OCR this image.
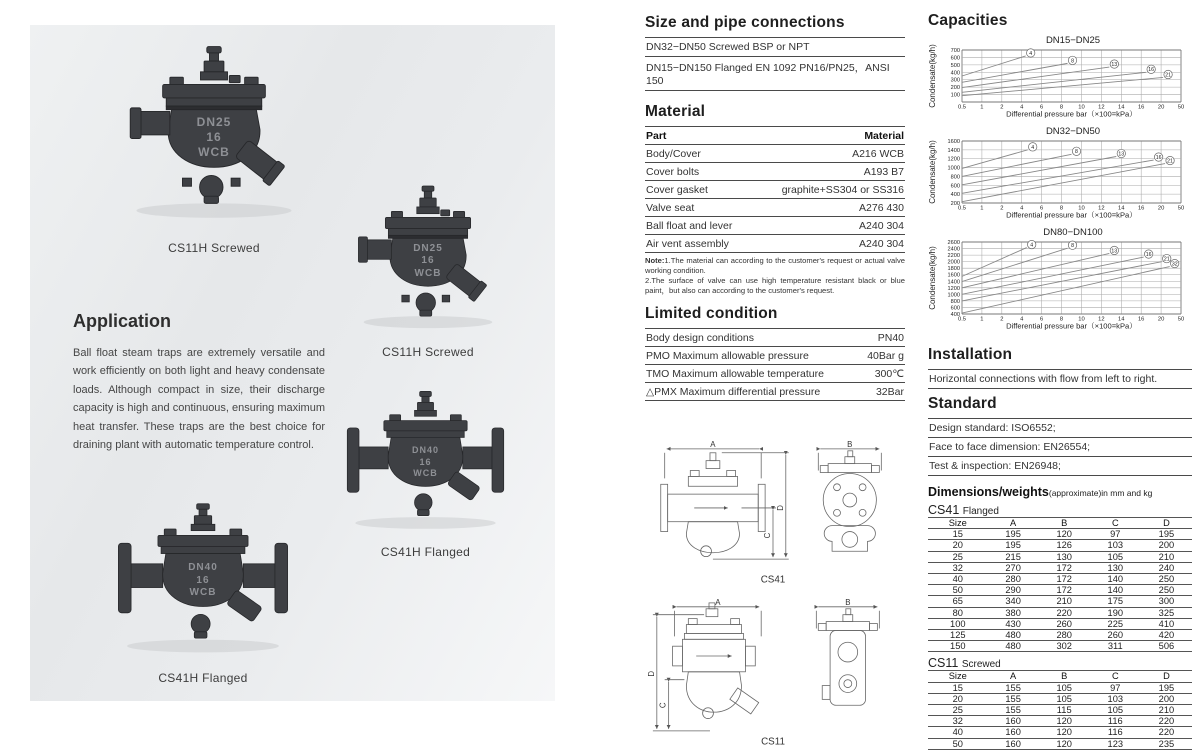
DN25
16
WCB
CS11H Screwed	DN25
16
WCB
CS11H Screwed
DN40
16
WCB
CS41H Flanged
DN40
16
WCB
CS41H Flanged
Application

Ball float steam traps are extremely versatile and work efficiently on both light and heavy condensate loads. Although compact in size, their discharge capacity is high and continuous, ensuring maximum heat transfer. These traps are the best choice for draining plant with automatic temperature control.

Size and pipe connections
DN32−DN50 Screwed BSP or NPT
DN15−DN150 Flanged EN 1092 PN16/PN25，ANSI 150
Material
Part	Material
Body/Cover	A216 WCB
Cover bolts	A193 B7
Cover gasket	graphite+SS304 or SS316
Valve seat	A276 430
Ball float and lever	A240 304
Air vent assembly	A240 304
Note:1.The material can according to the customer's request or actual valve working condition.
2.The surface of valve can use high temperature resistant black or blue paint，but also can according to the customer's request.
Limited condition
Body design conditions	PN40
PMO Maximum allowable pressure	40Bar g
TMO Maximum allowable temperature	300℃
△PMX Maximum differential pressure	32Bar
A	B
C
D
CS41
A	B
C
D
CS11
Capacities
DN15−DN25
0.5 1	2	4	6	8	10 12 14 16 20 50
100
200
300
400
500
600
700
Differential pressure bar（×100=kPa）
Condensate(kg/h)	4
8
13
16
21
DN32−DN50
0.5 1	2	4	6	8	10 12 14 16 20 50
200
400
600
800
1000
1200
1400
1600
Differential pressure bar（×100=kPa）
Condensate(kg/h)	4
8	13
16
21
DN80−DN100
0.5 1	2	4	6	8	10 12 14 16 20 50
400
600
800
1000
1200
1400
1600
1800
2000
2200
2400
2600
Differential pressure bar（×100=kPa）
Condensate(kg/h)
4	8
13
16
21
32
Installation
Horizontal connections with flow from left to right.
Standard
Design standard: ISO6552;
Face to face dimension: EN26554;
Test & inspection: EN26948;
Dimensions/weights(approximate)in mm and kg
CS41 Flanged
Size	A	B	C	D
15	195	120	97	195
20	195	126	103	200
25	215	130	105	210
32	270	172	130	240
40	280	172	140	250
50	290	172	140	250
65	340	210	175	300
80	380	220	190	325
100	430	260	225	410
125	480	280	260	420
150	480	302	311	506
CS11 Screwed
Size	A	B	C	D
15	155	105	97	195
20	155	105	103	200
25	155	115	105	210
32	160	120	116	220
40	160	120	116	220
50	160	120	123	235
